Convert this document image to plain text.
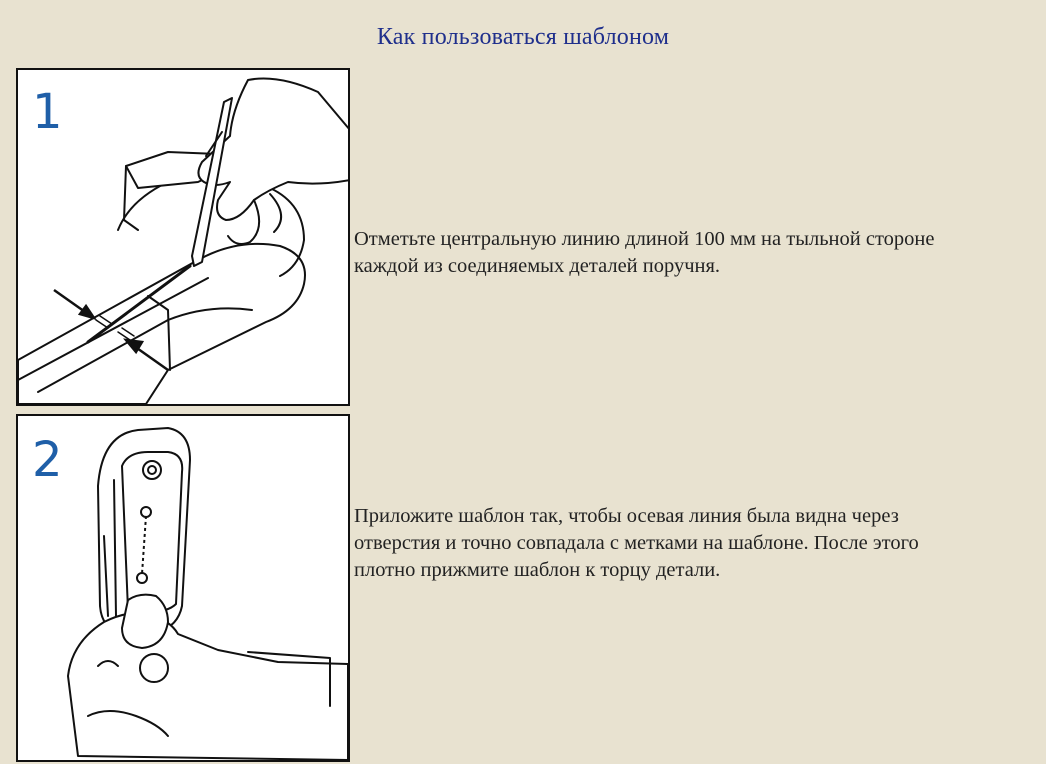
Как пользоваться шаблоном
1
Отметьте центральную линию длиной 100 мм на тыльной стороне
каждой из соединяемых деталей поручня.
2
Приложите шаблон так, чтобы осевая линия была видна через
отверстия и точно совпадала с метками на шаблоне. После этого
плотно прижмите шаблон к торцу детали.
